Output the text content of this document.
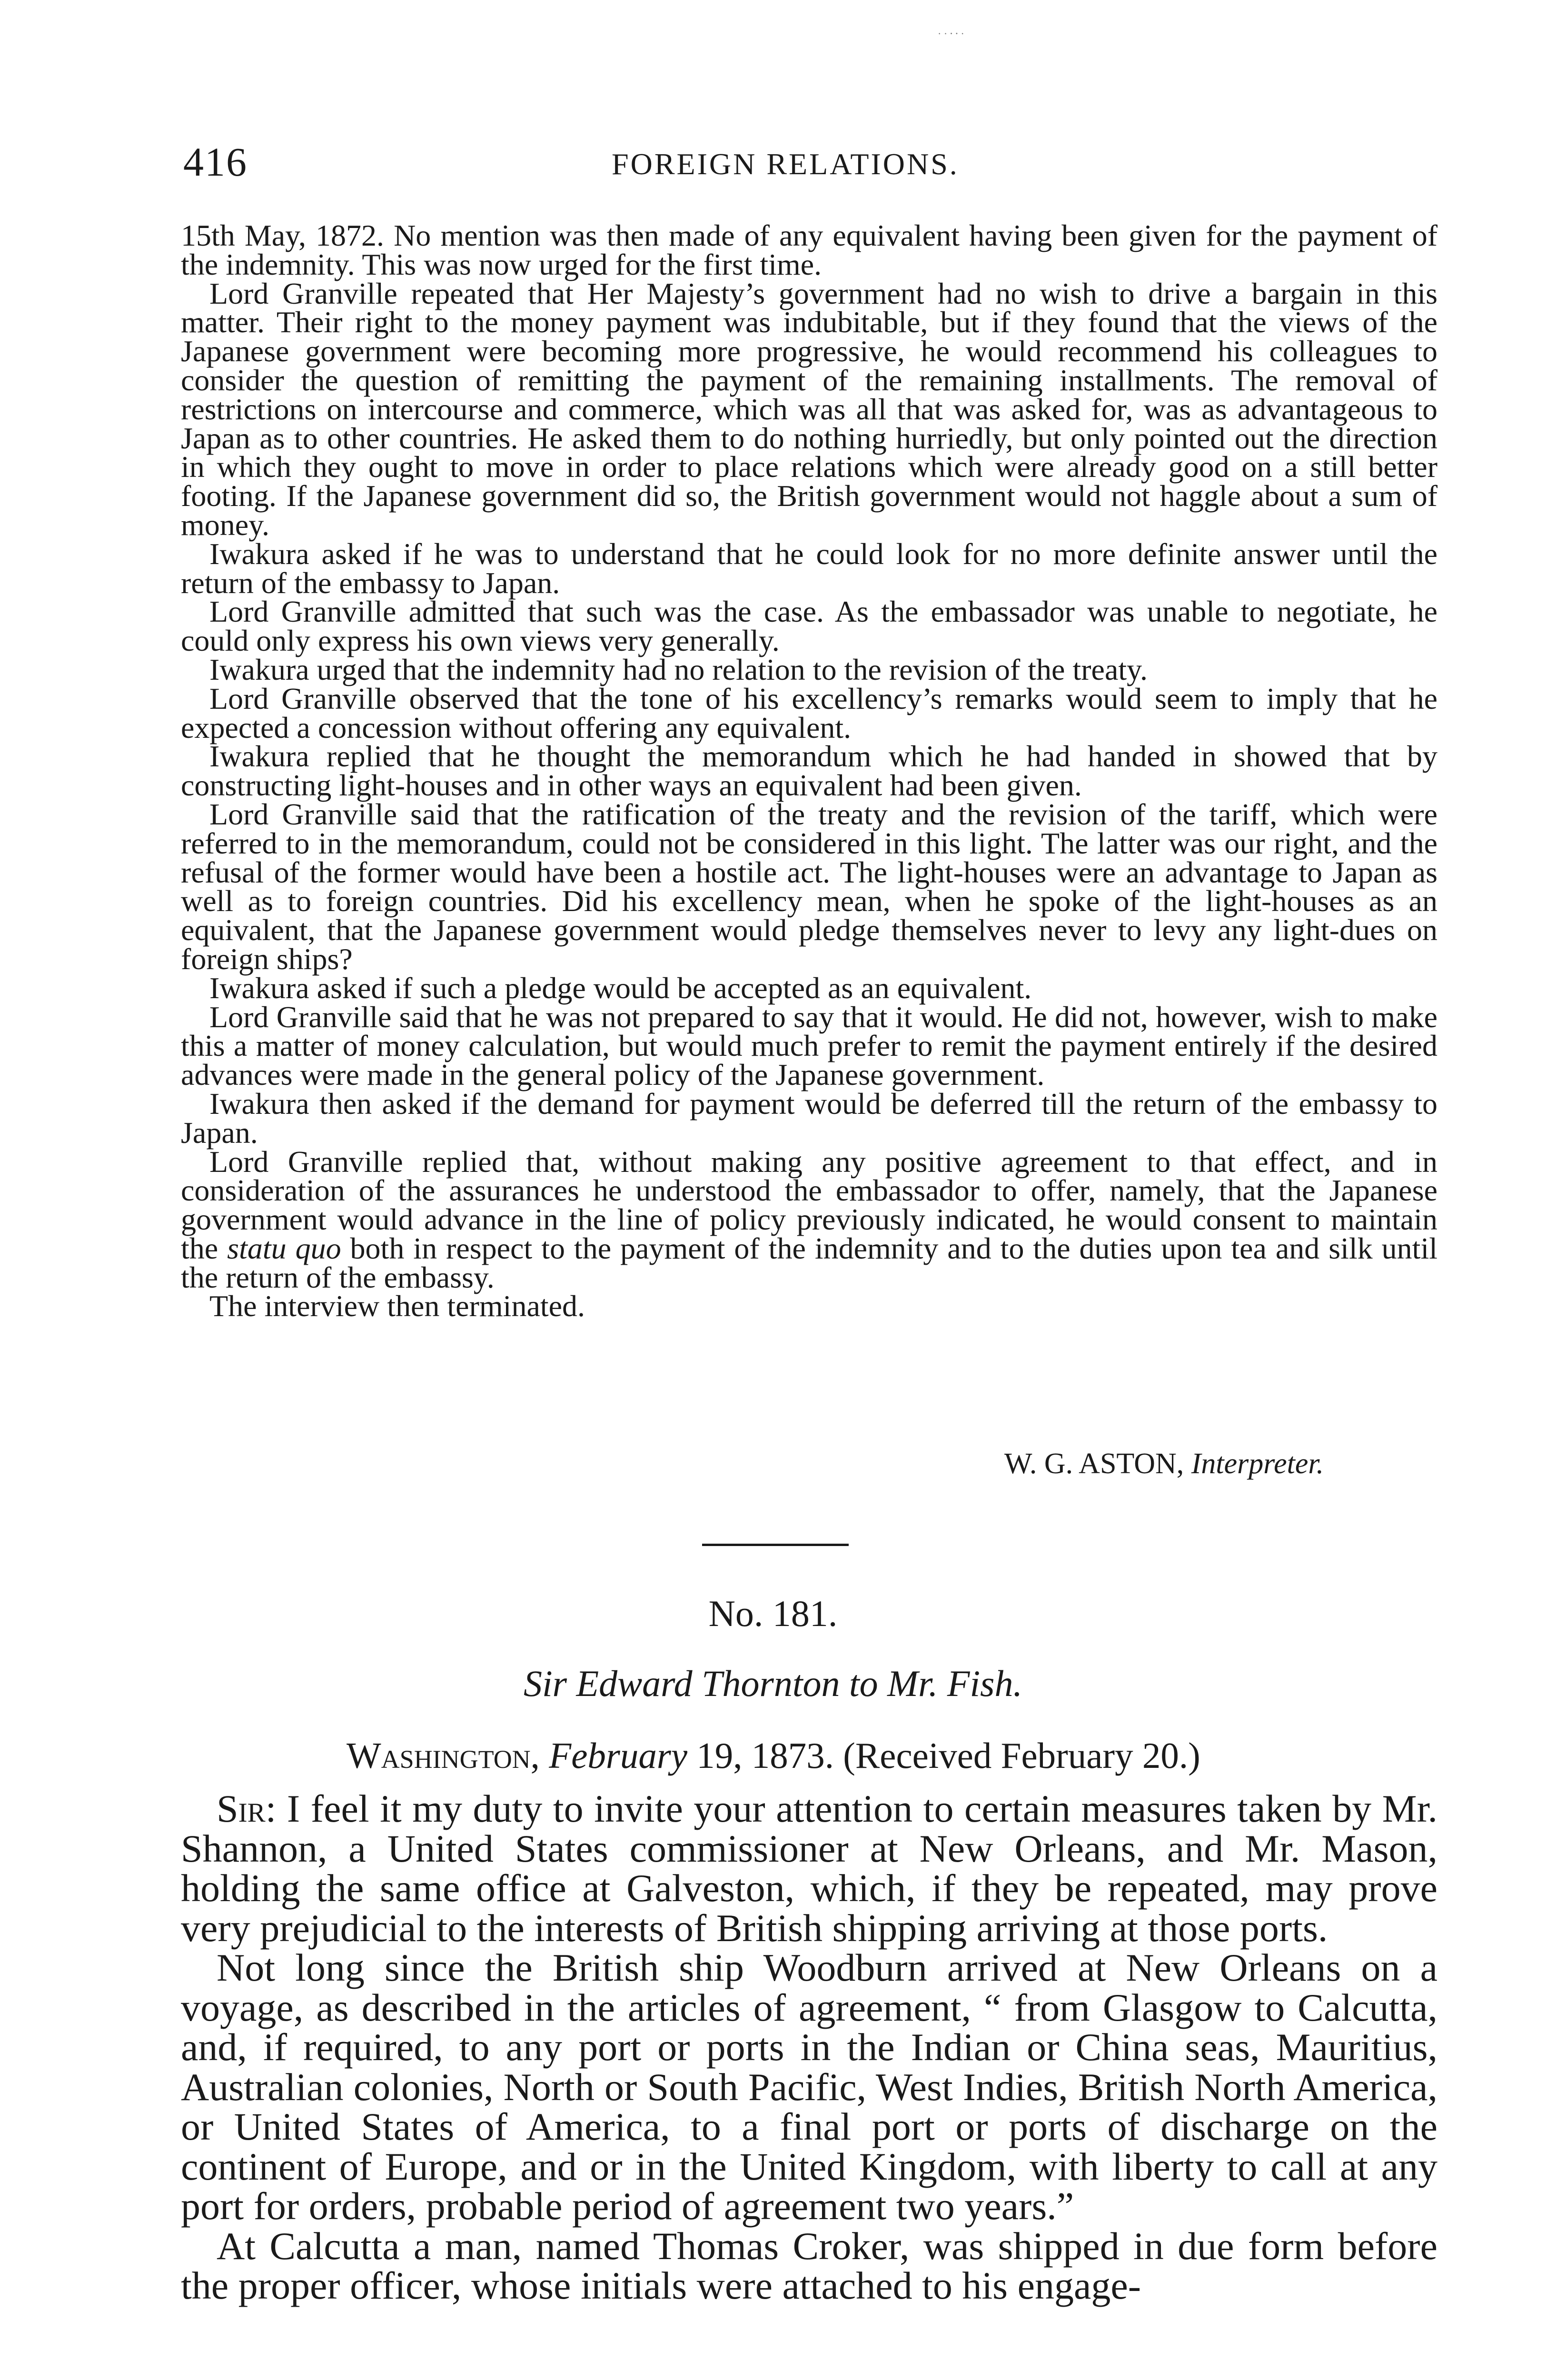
· · ⸱ ⸱ ·
416	FOREIGN RELATIONS.

15th May, 1872. No mention was then made of any equivalent having been given for the payment of the indemnity. This was now urged for the first time.

Lord Granville repeated that Her Majesty’s government had no wish to drive a bargain in this matter. Their right to the money payment was indubitable, but if they found that the views of the Japanese government were becoming more progressive, he would recommend his colleagues to consider the question of remitting the payment of the remaining installments. The removal of restrictions on intercourse and commerce, which was all that was asked for, was as advantageous to Japan as to other countries. He asked them to do nothing hurriedly, but only pointed out the direction in which they ought to move in order to place relations which were already good on a still better footing. If the Japanese government did so, the British government would not haggle about a sum of money.

Iwakura asked if he was to understand that he could look for no more definite answer until the return of the embassy to Japan.

Lord Granville admitted that such was the case. As the embassador was unable to negotiate, he could only express his own views very generally.

Iwakura urged that the indemnity had no relation to the revision of the treaty.

Lord Granville observed that the tone of his excellency’s remarks would seem to imply that he expected a concession without offering any equivalent.

Iwakura replied that he thought the memorandum which he had handed in showed that by constructing light-houses and in other ways an equivalent had been given.

Lord Granville said that the ratification of the treaty and the revision of the tariff, which were referred to in the memorandum, could not be considered in this light. The latter was our right, and the refusal of the former would have been a hostile act. The light-houses were an advantage to Japan as well as to foreign countries. Did his excellency mean, when he spoke of the light-houses as an equivalent, that the Japanese government would pledge themselves never to levy any light-dues on foreign ships?

Iwakura asked if such a pledge would be accepted as an equivalent.

Lord Granville said that he was not prepared to say that it would. He did not, however, wish to make this a matter of money calculation, but would much prefer to remit the payment entirely if the desired advances were made in the general policy of the Japanese government.

Iwakura then asked if the demand for payment would be deferred till the return of the embassy to Japan.

Lord Granville replied that, without making any positive agreement to that effect, and in consideration of the assurances he understood the embassador to offer, namely, that the Japanese government would advance in the line of policy previously indicated, he would consent to maintain the statu quo both in respect to the payment of the indemnity and to the duties upon tea and silk until the return of the embassy.

The interview then terminated.

W. G. ASTON, Interpreter.
No. 181.
Sir Edward Thornton to Mr. Fish.
Washington, February 19, 1873. (Received February 20.)

Sir: I feel it my duty to invite your attention to certain measures taken by Mr. Shannon, a United States commissioner at New Orleans, and Mr. Mason, holding the same office at Galveston, which, if they be repeated, may prove very prejudicial to the interests of British shipping arriving at those ports.

Not long since the British ship Woodburn arrived at New Orleans on a voyage, as described in the articles of agreement, “ from Glasgow to Calcutta, and, if required, to any port or ports in the Indian or China seas, Mauritius, Australian colonies, North or South Pacific, West Indies, British North America, or United States of America, to a final port or ports of discharge on the continent of Europe, and or in the United Kingdom, with liberty to call at any port for orders, probable period of agreement two years.”

At Calcutta a man, named Thomas Croker, was shipped in due form before the proper officer, whose initials were attached to his engage-
